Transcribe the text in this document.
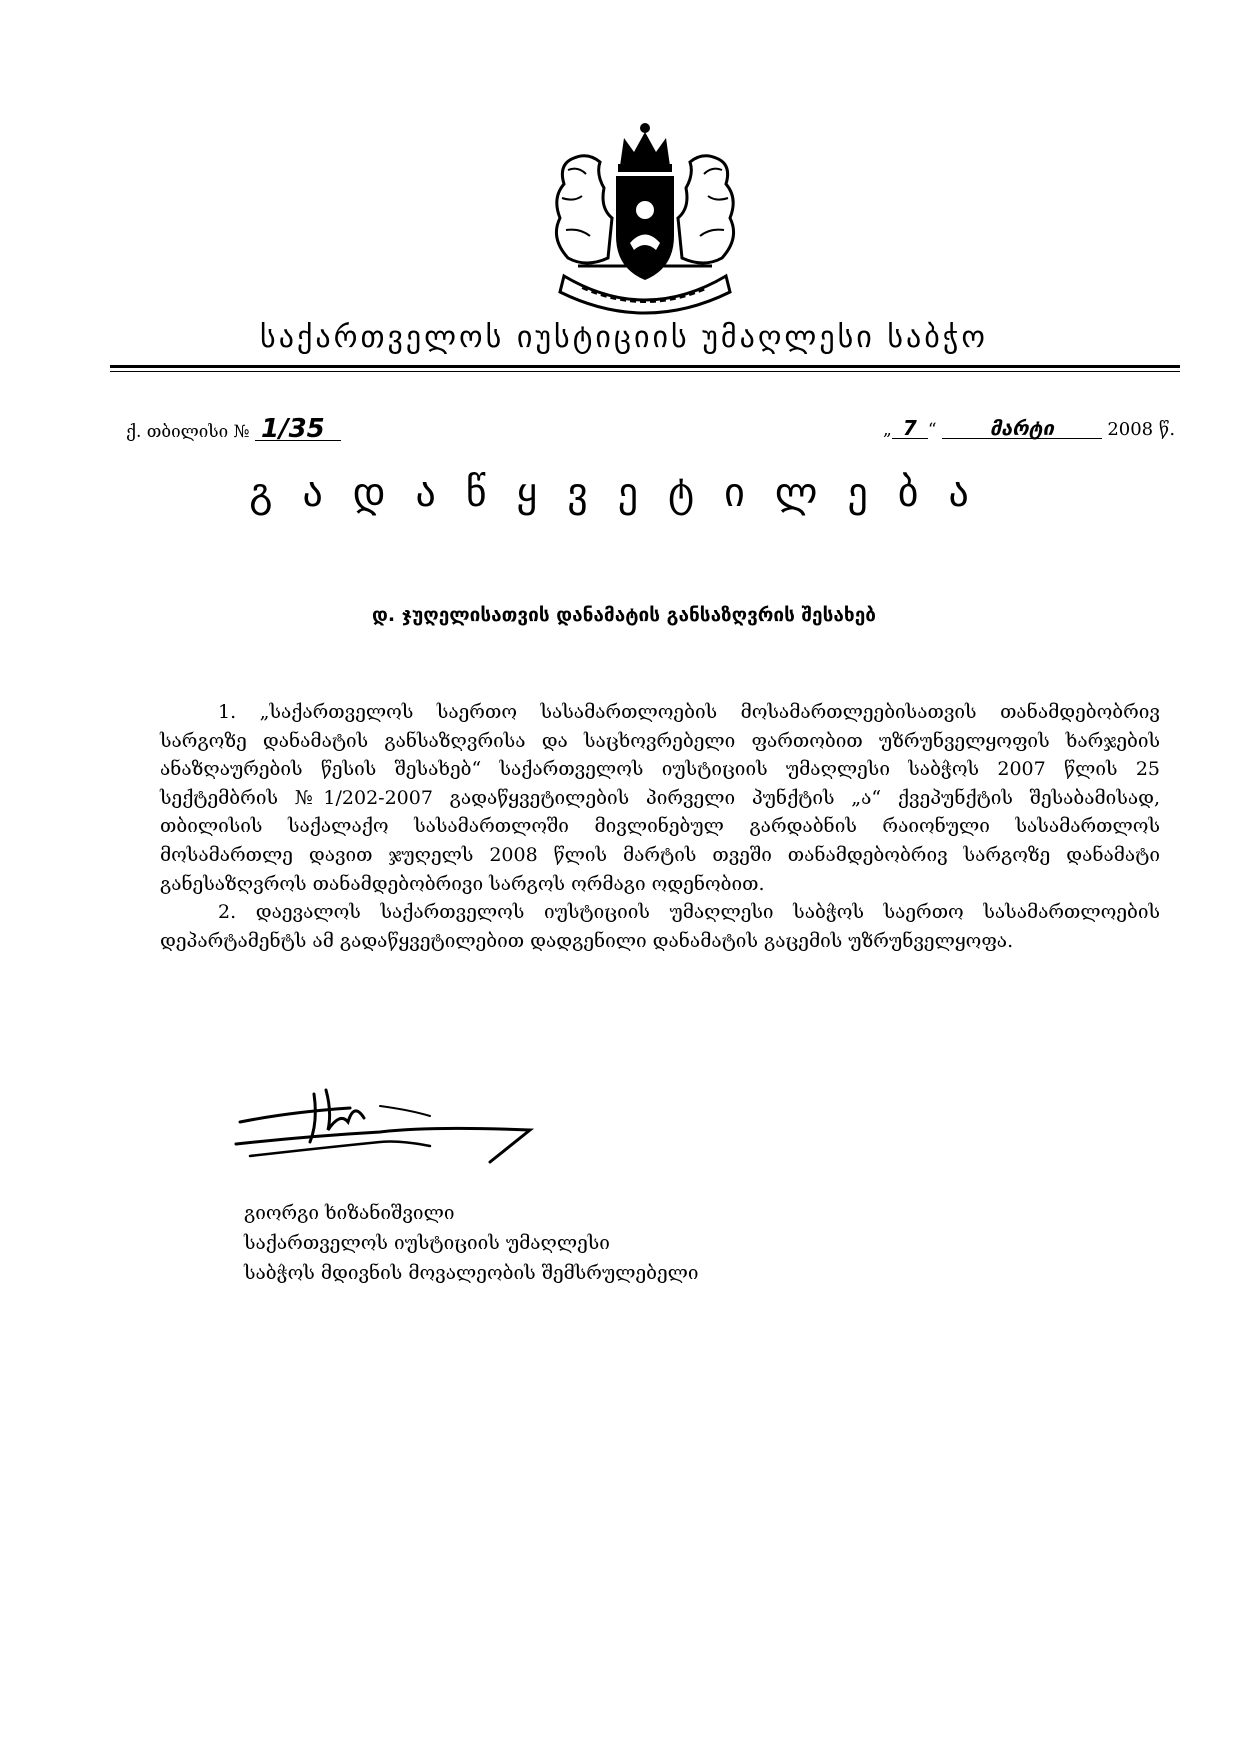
საქართველოს იუსტიციის უმაღლესი საბჭო
ქ. თბილისი № 1/35	„ 7 “	მარტი	2008 წ.
გადაწყვეტილება
დ. ჯუღელისათვის დანამატის განსაზღვრის შესახებ

1. „საქართველოს საერთო სასამართლოების მოსამართლეებისათვის თანამდებობრივ სარგოზე დანამატის განსაზღვრისა და საცხოვრებელი ფართობით უზრუნველყოფის ხარჯების ანაზღაურების წესის შესახებ“ საქართველოს იუსტიციის უმაღლესი საბჭოს 2007 წლის 25 სექტემბრის №1/202-2007 გადაწყვეტილების პირველი პუნქტის „ა“ ქვეპუნქტის შესაბამისად, თბილისის საქალაქო სასამართლოში მივლინებულ გარდაბნის რაიონული სასამართლოს მოსამართლე დავით ჯუღელს 2008 წლის მარტის თვეში თანამდებობრივ სარგოზე დანამატი განესაზღვროს თანამდებობრივი სარგოს ორმაგი ოდენობით.

2. დაევალოს საქართველოს იუსტიციის უმაღლესი საბჭოს საერთო სასამართლოების დეპარტამენტს ამ გადაწყვეტილებით დადგენილი დანამატის გაცემის უზრუნველყოფა.

გიორგი ხიზანიშვილი
საქართველოს იუსტიციის უმაღლესი
საბჭოს მდივნის მოვალეობის შემსრულებელი
